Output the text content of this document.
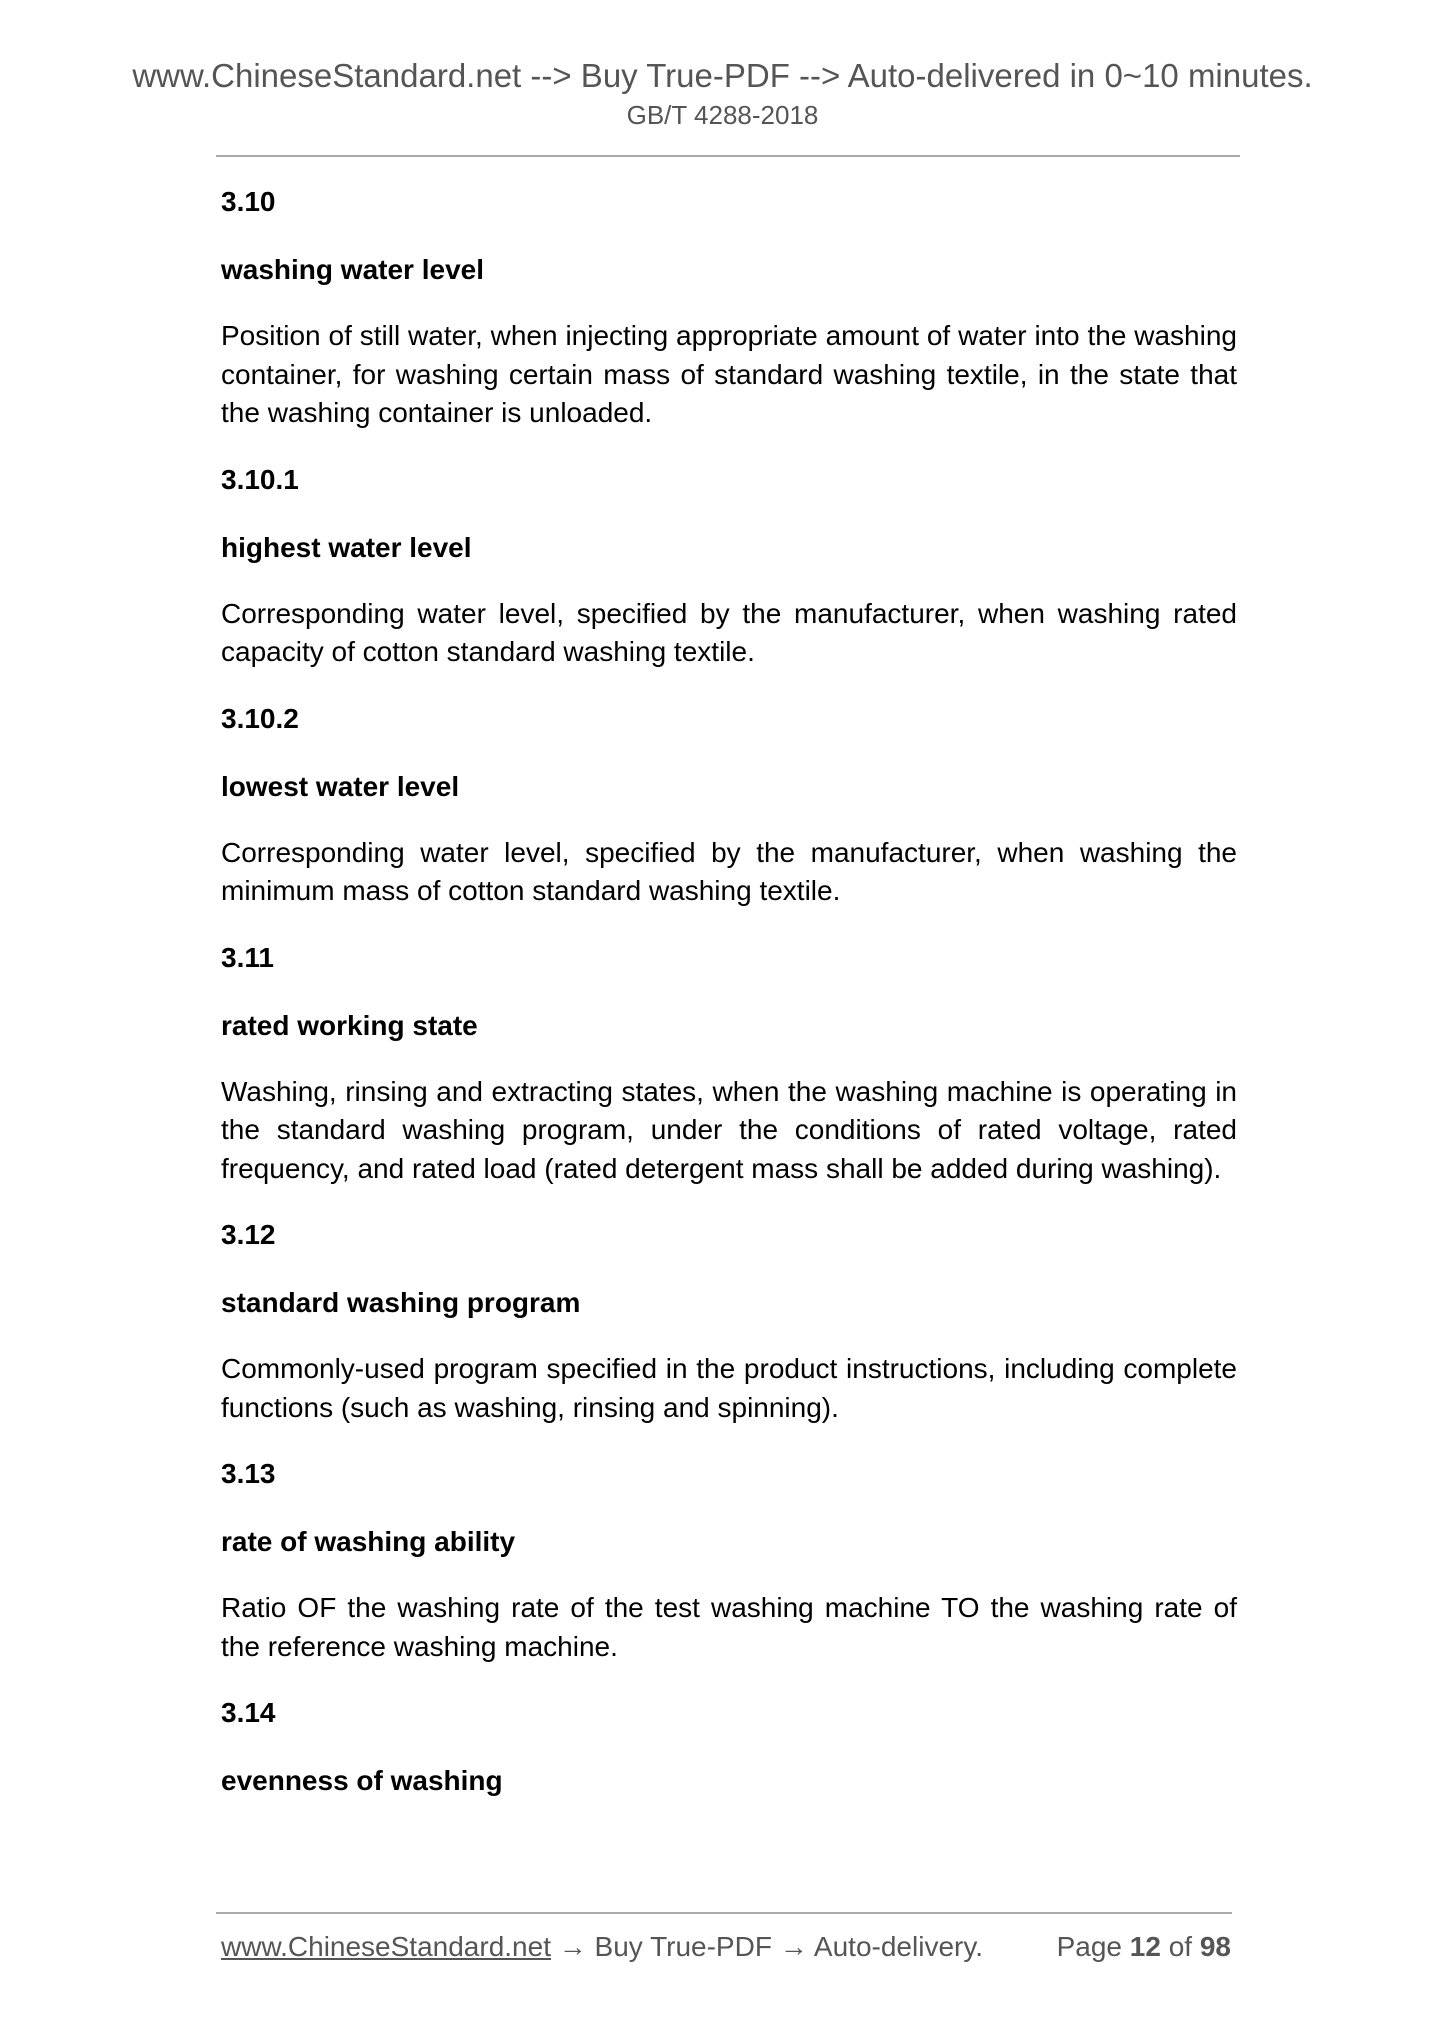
www.ChineseStandard.net --> Buy True-PDF --> Auto-delivered in 0~10 minutes.
GB/T 4288-2018
3.10
washing water level
Position of still water, when injecting appropriate amount of water into the washing container, for washing certain mass of standard washing textile, in the state that the washing container is unloaded.
3.10.1
highest water level
Corresponding water level, specified by the manufacturer, when washing rated capacity of cotton standard washing textile.
3.10.2
lowest water level
Corresponding water level, specified by the manufacturer, when washing the minimum mass of cotton standard washing textile.
3.11
rated working state
Washing, rinsing and extracting states, when the washing machine is operating in the standard washing program, under the conditions of rated voltage, rated frequency, and rated load (rated detergent mass shall be added during washing).
3.12
standard washing program
Commonly-used program specified in the product instructions, including complete functions (such as washing, rinsing and spinning).
3.13
rate of washing ability
Ratio OF the washing rate of the test washing machine TO the washing rate of the reference washing machine.
3.14
evenness of washing
www.ChineseStandard.net → Buy True-PDF → Auto-delivery.	Page 12 of 98
